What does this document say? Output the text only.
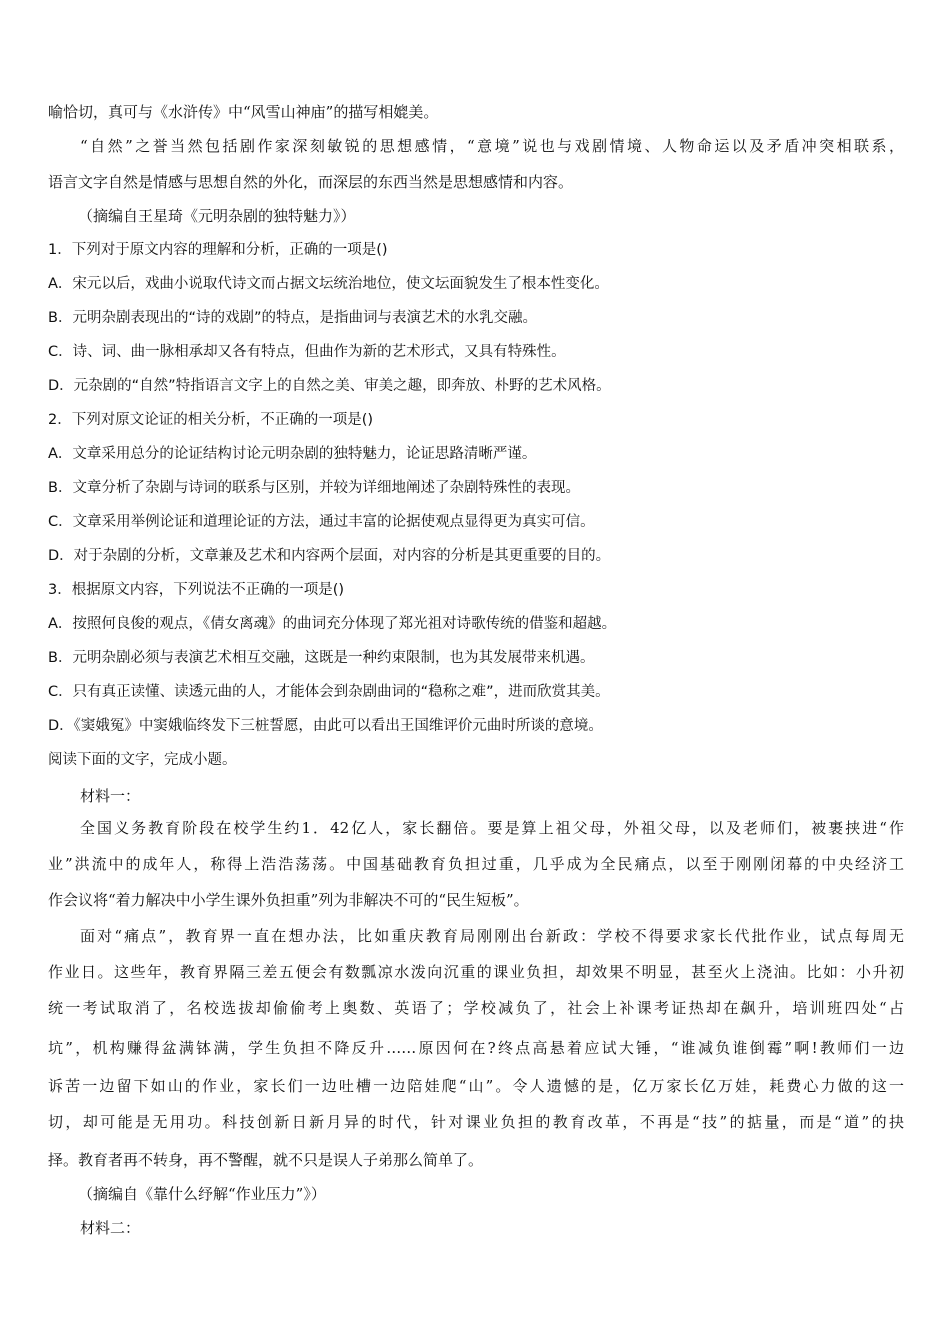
喻恰切，真可与《水浒传》中“风雪山神庙”的描写相媲美。
“自然”之誉当然包括剧作家深刻敏锐的思想感情，“意境”说也与戏剧情境、人物命运以及矛盾冲突相联系，
语言文字自然是情感与思想自然的外化，而深层的东西当然是思想感情和内容。
（摘编自王星琦《元明杂剧的独特魅力》）
1．下列对于原文内容的理解和分析，正确的一项是()
A．宋元以后，戏曲小说取代诗文而占据文坛统治地位，使文坛面貌发生了根本性变化。
B．元明杂剧表现出的“诗的戏剧”的特点，是指曲词与表演艺术的水乳交融。
C．诗、词、曲一脉相承却又各有特点，但曲作为新的艺术形式，又具有特殊性。
D．元杂剧的“自然”特指语言文字上的自然之美、审美之趣，即奔放、朴野的艺术风格。
2．下列对原文论证的相关分析，不正确的一项是()
A．文章采用总分的论证结构讨论元明杂剧的独特魅力，论证思路清晰严谨。
B．文章分析了杂剧与诗词的联系与区别，并较为详细地阐述了杂剧特殊性的表现。
C．文章采用举例论证和道理论证的方法，通过丰富的论据使观点显得更为真实可信。
D．对于杂剧的分析，文章兼及艺术和内容两个层面，对内容的分析是其更重要的目的。
3．根据原文内容，下列说法不正确的一项是()
A．按照何良俊的观点，《倩女离魂》的曲词充分体现了郑光祖对诗歌传统的借鉴和超越。
B．元明杂剧必须与表演艺术相互交融，这既是一种约束限制，也为其发展带来机遇。
C．只有真正读懂、读透元曲的人，才能体会到杂剧曲词的“稳称之难”，进而欣赏其美。
D．《窦娥冤》中窦娥临终发下三桩誓愿，由此可以看出王国维评价元曲时所谈的意境。
阅读下面的文字，完成小题。
材料一：
全国义务教育阶段在校学生约1．42亿人，家长翻倍。要是算上祖父母，外祖父母，以及老师们，被裹挟进“作
业”洪流中的成年人，称得上浩浩荡荡。中国基础教育负担过重，几乎成为全民痛点，以至于刚刚闭幕的中央经济工
作会议将“着力解决中小学生课外负担重”列为非解决不可的“民生短板”。
面对“痛点”，教育界一直在想办法，比如重庆教育局刚刚出台新政：学校不得要求家长代批作业，试点每周无
作业日。这些年，教育界隔三差五便会有数瓢凉水泼向沉重的课业负担，却效果不明显，甚至火上浇油。比如：小升初
统一考试取消了，名校选拔却偷偷考上奥数、英语了；学校减负了，社会上补课考证热却在飙升，培训班四处“占
坑”，机构赚得盆满钵满，学生负担不降反升……原因何在?终点高悬着应试大锤，“谁减负谁倒霉”啊!教师们一边
诉苦一边留下如山的作业，家长们一边吐槽一边陪娃爬“山”。令人遗憾的是，亿万家长亿万娃，耗费心力做的这一
切，却可能是无用功。科技创新日新月异的时代，针对课业负担的教育改革，不再是“技”的掂量，而是“道”的抉
择。教育者再不转身，再不警醒，就不只是误人子弟那么简单了。
（摘编自《靠什么纾解“作业压力”》）
材料二：
